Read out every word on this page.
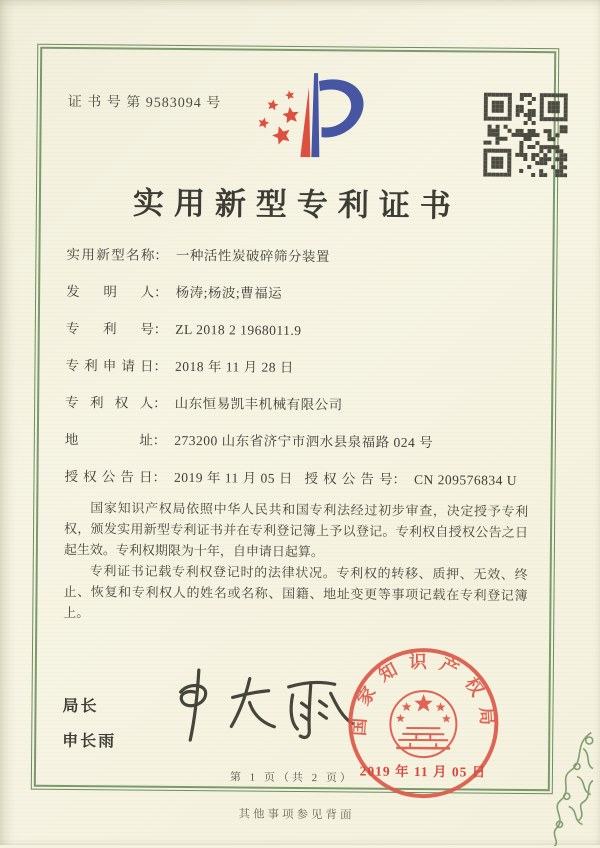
证 书 号 第 9583094 号
实用新型专利证书
实用新型名称： 一种活性炭破碎筛分装置
发明人： 杨涛;杨波;曹福运
专利号： ZL 2018 2 1968011.9
专利申请日： 2018 年 11 月 28 日
专利权人： 山东恒易凯丰机械有限公司
地址： 273200 山东省济宁市泗水县泉福路 024 号
授权公告日： 2019 年 11 月 05 日 授权公告号： CN 209576834 U

国家知识产权局依照中华人民共和国专利法经过初步审查，决定授予专利权，颁发实用新型专利证书并在专利登记簿上予以登记。专利权自授权公告之日起生效。专利权期限为十年，自申请日起算。

专利证书记载专利权登记时的法律状况。专利权的转移、质押、无效、终止、恢复和专利权人的姓名或名称、国籍、地址变更等事项记载在专利登记簿上。

局长
申长雨
国家知识产权局
2019 年 11 月 05 日
第 1 页（共 2 页）
其他事项参见背面
